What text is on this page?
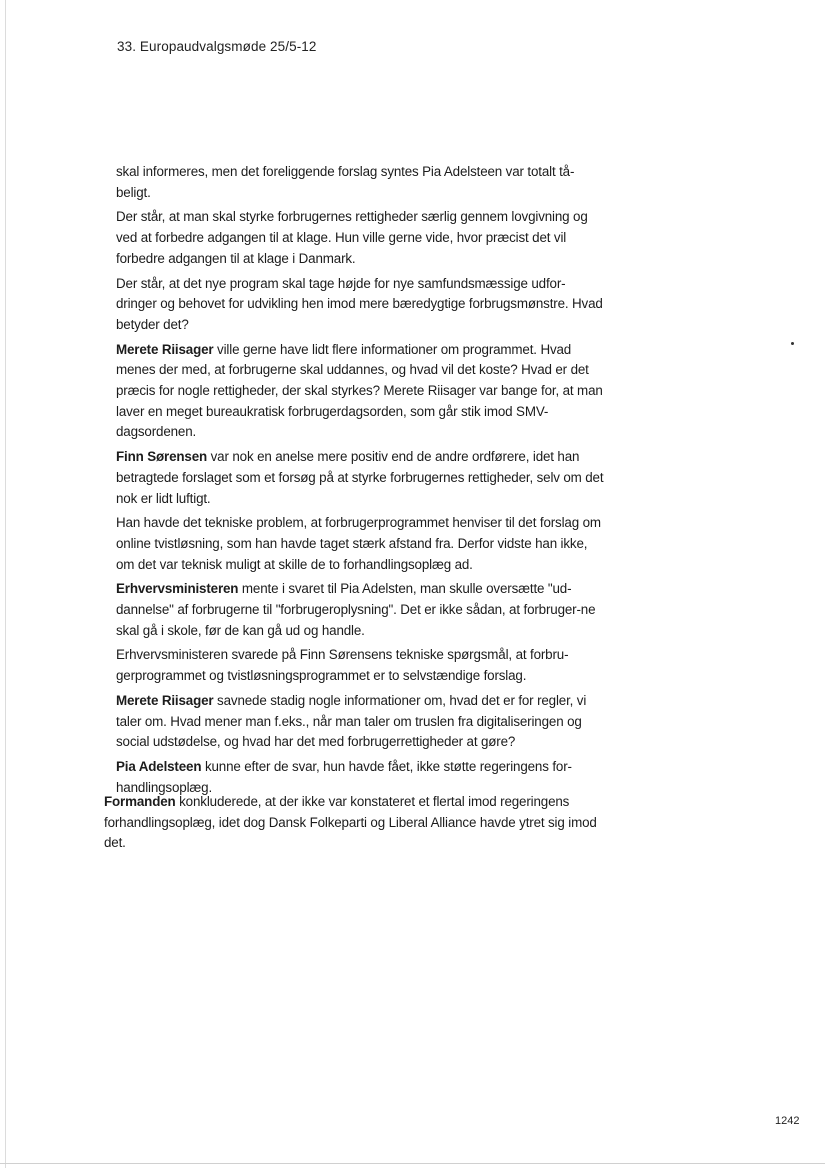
33. Europaudvalgsmøde 25/5-12

skal informeres, men det foreliggende forslag syntes Pia Adelsteen var totalt tå-beligt.

Der står, at man skal styrke forbrugernes rettigheder særlig gennem lovgivning og ved at forbedre adgangen til at klage. Hun ville gerne vide, hvor præcist det vil forbedre adgangen til at klage i Danmark.

Der står, at det nye program skal tage højde for nye samfundsmæssige udfor-dringer og behovet for udvikling hen imod mere bæredygtige forbrugsmønstre. Hvad betyder det?

Merete Riisager ville gerne have lidt flere informationer om programmet. Hvad menes der med, at forbrugerne skal uddannes, og hvad vil det koste? Hvad er det præcis for nogle rettigheder, der skal styrkes? Merete Riisager var bange for, at man laver en meget bureaukratisk forbrugerdagsorden, som går stik imod SMV-dagsordenen.

Finn Sørensen var nok en anelse mere positiv end de andre ordførere, idet han betragtede forslaget som et forsøg på at styrke forbrugernes rettigheder, selv om det nok er lidt luftigt.

Han havde det tekniske problem, at forbrugerprogrammet henviser til det forslag om online tvistløsning, som han havde taget stærk afstand fra. Derfor vidste han ikke, om det var teknisk muligt at skille de to forhandlingsoplæg ad.

Erhvervsministeren mente i svaret til Pia Adelsten, man skulle oversætte "ud-dannelse" af forbrugerne til "forbrugeroplysning". Det er ikke sådan, at forbruger-ne skal gå i skole, før de kan gå ud og handle.

Erhvervsministeren svarede på Finn Sørensens tekniske spørgsmål, at forbru-gerprogrammet og tvistløsningsprogrammet er to selvstændige forslag.

Merete Riisager savnede stadig nogle informationer om, hvad det er for regler, vi taler om. Hvad mener man f.eks., når man taler om truslen fra digitaliseringen og social udstødelse, og hvad har det med forbrugerrettigheder at gøre?

Pia Adelsteen kunne efter de svar, hun havde fået, ikke støtte regeringens for-handlingsoplæg.

Formanden konkluderede, at der ikke var konstateret et flertal imod regeringens forhandlingsoplæg, idet dog Dansk Folkeparti og Liberal Alliance havde ytret sig imod det.

1242
